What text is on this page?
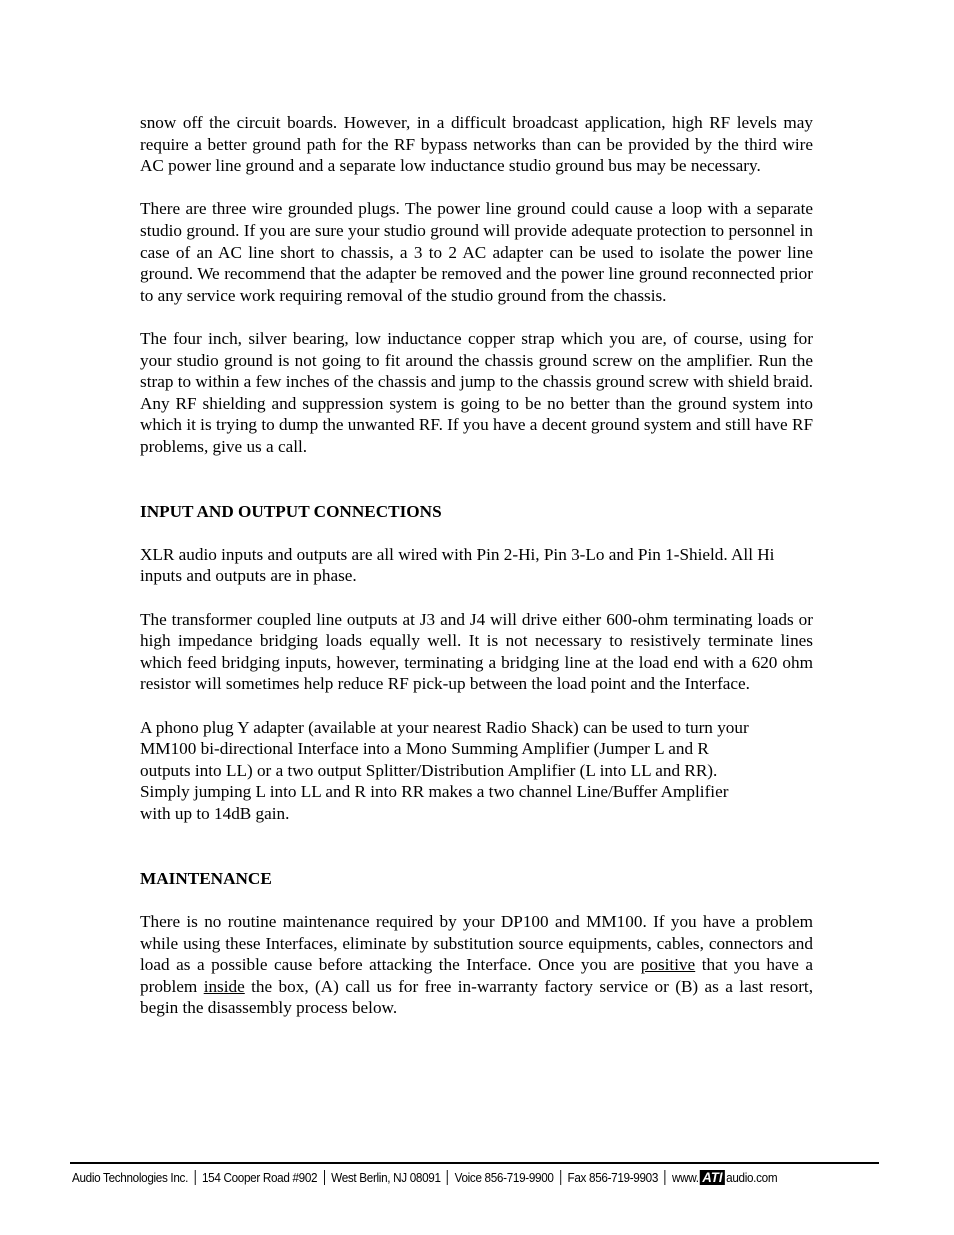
snow off the circuit boards. However, in a difficult broadcast application, high RF levels may require a better ground path for the RF bypass networks than can be provided by the third wire AC power line ground and a separate low inductance studio ground bus may be necessary.

There are three wire grounded plugs. The power line ground could cause a loop with a separate studio ground. If you are sure your studio ground will provide adequate protection to personnel in case of an AC line short to chassis, a 3 to 2 AC adapter can be used to isolate the power line ground. We recommend that the adapter be removed and the power line ground reconnected prior to any service work requiring removal of the studio ground from the chassis.

The four inch, silver bearing, low inductance copper strap which you are, of course, using for your studio ground is not going to fit around the chassis ground screw on the amplifier. Run the strap to within a few inches of the chassis and jump to the chassis ground screw with shield braid. Any RF shielding and suppression system is going to be no better than the ground system into which it is trying to dump the unwanted RF. If you have a decent ground system and still have RF problems, give us a call.

INPUT AND OUTPUT CONNECTIONS

XLR audio inputs and outputs are all wired with Pin 2-Hi, Pin 3-Lo and Pin 1-Shield. All Hi inputs and outputs are in phase.

The transformer coupled line outputs at J3 and J4 will drive either 600-ohm terminating loads or high impedance bridging loads equally well. It is not necessary to resistively terminate lines which feed bridging inputs, however, terminating a bridging line at the load end with a 620 ohm resistor will sometimes help reduce RF pick-up between the load point and the Interface.

A phono plug Y adapter (available at your nearest Radio Shack) can be used to turn your
MM100 bi-directional Interface into a Mono Summing Amplifier (Jumper L and R
outputs into LL) or a two output Splitter/Distribution Amplifier (L into LL and RR).
Simply jumping L into LL and R into RR makes a two channel Line/Buffer Amplifier
with up to 14dB gain.

MAINTENANCE

There is no routine maintenance required by your DP100 and MM100. If you have a problem while using these Interfaces, eliminate by substitution source equipments, cables, connectors and load as a possible cause before attacking the Interface. Once you are positive that you have a problem inside the box, (A) call us for free in-warranty factory service or (B) as a last resort, begin the disassembly process below.

Audio Technologies Inc. 154 Cooper Road #902 West Berlin, NJ 08091 Voice 856-719-9900 Fax 856-719-9903 www. ATI audio.com
